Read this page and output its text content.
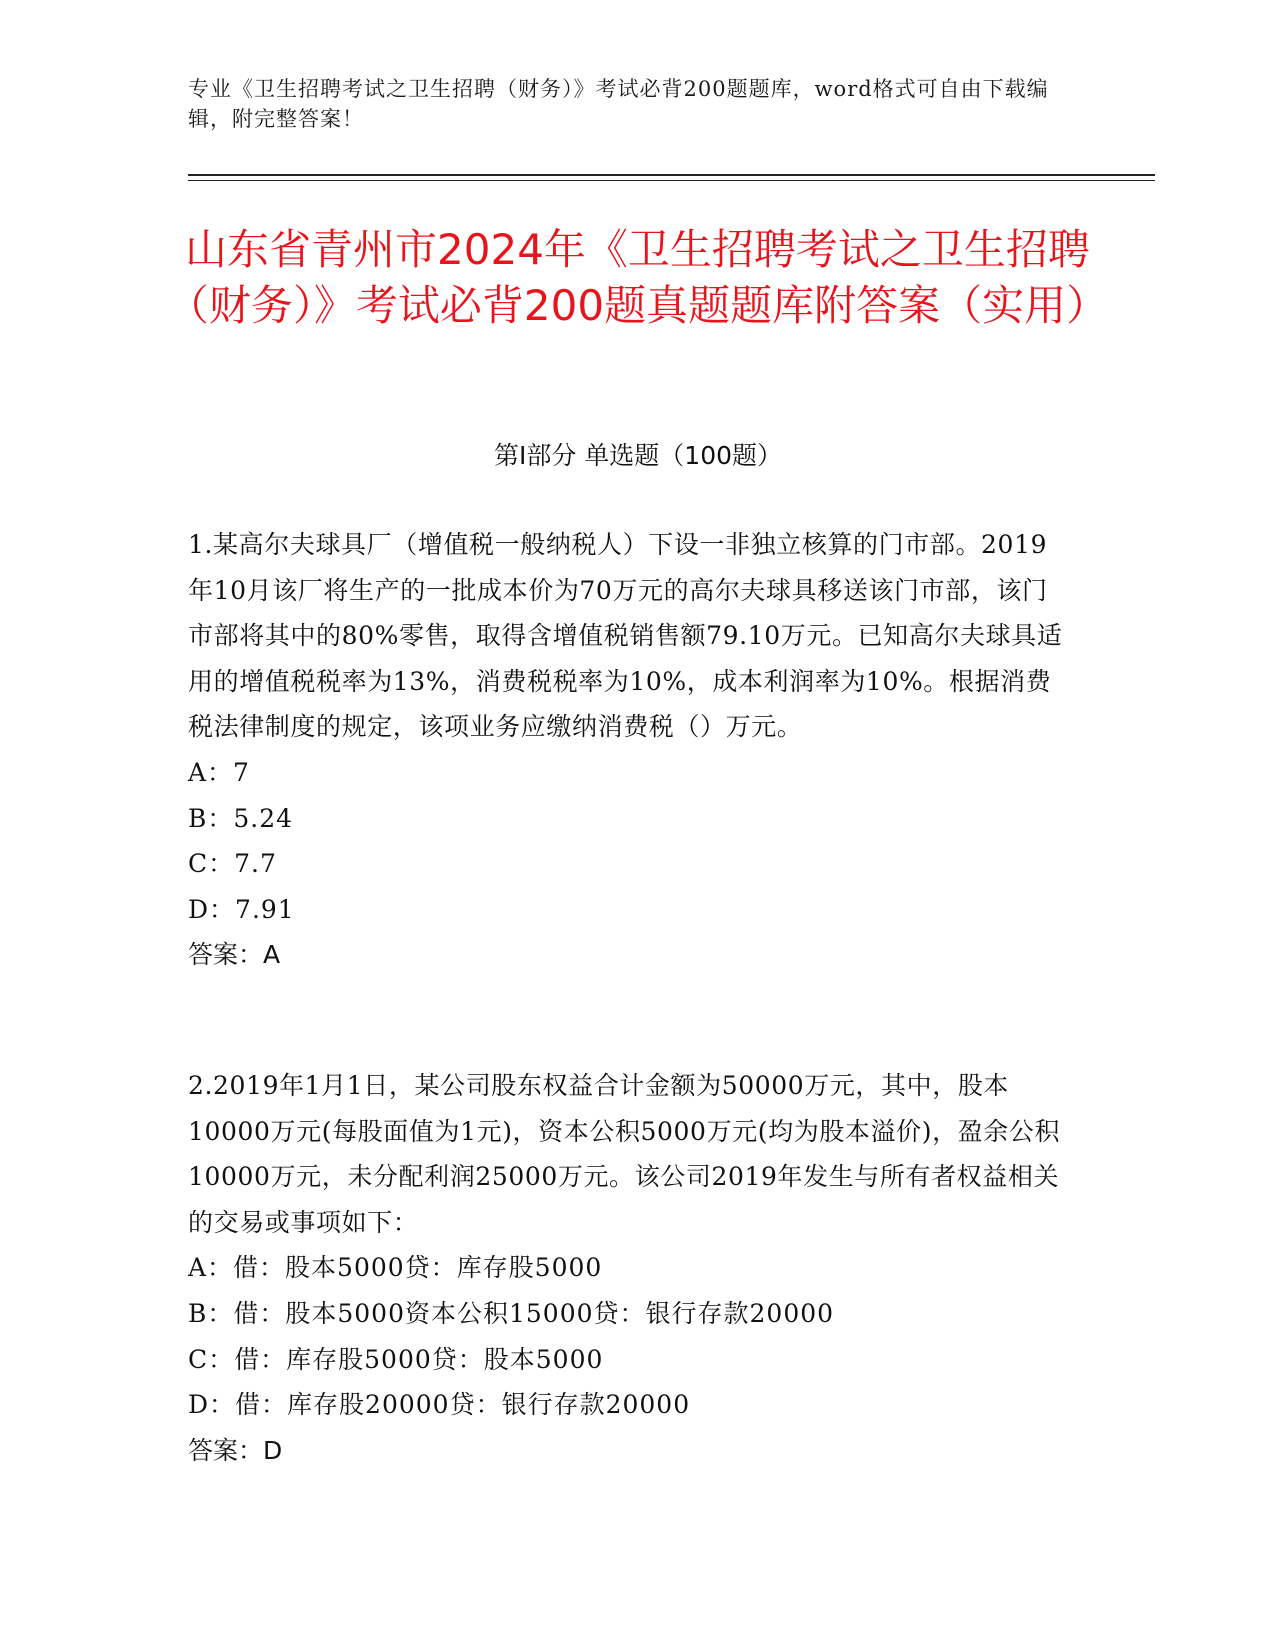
专业《卫生招聘考试之卫生招聘（财务）》考试必背200题题库，word格式可自由下载编辑，附完整答案！
山东省青州市2024年《卫生招聘考试之卫生招聘（财务）》考试必背200题真题题库附答案（实用）
第I部分 单选题（100题）
1.某高尔夫球具厂（增值税一般纳税人）下设一非独立核算的门市部。2019年10月该厂将生产的一批成本价为70万元的高尔夫球具移送该门市部，该门市部将其中的80%零售，取得含增值税销售额79.10万元。已知高尔夫球具适用的增值税税率为13%，消费税税率为10%，成本利润率为10%。根据消费税法律制度的规定，该项业务应缴纳消费税（）万元。
A：7
B：5.24
C：7.7
D：7.91
答案：A
2.2019年1月1日，某公司股东权益合计金额为50000万元，其中，股本10000万元(每股面值为1元)，资本公积5000万元(均为股本溢价)，盈余公积10000万元，未分配利润25000万元。该公司2019年发生与所有者权益相关的交易或事项如下：
A：借：股本5000贷：库存股5000
B：借：股本5000资本公积15000贷：银行存款20000
C：借：库存股5000贷：股本5000
D：借：库存股20000贷：银行存款20000
答案：D
